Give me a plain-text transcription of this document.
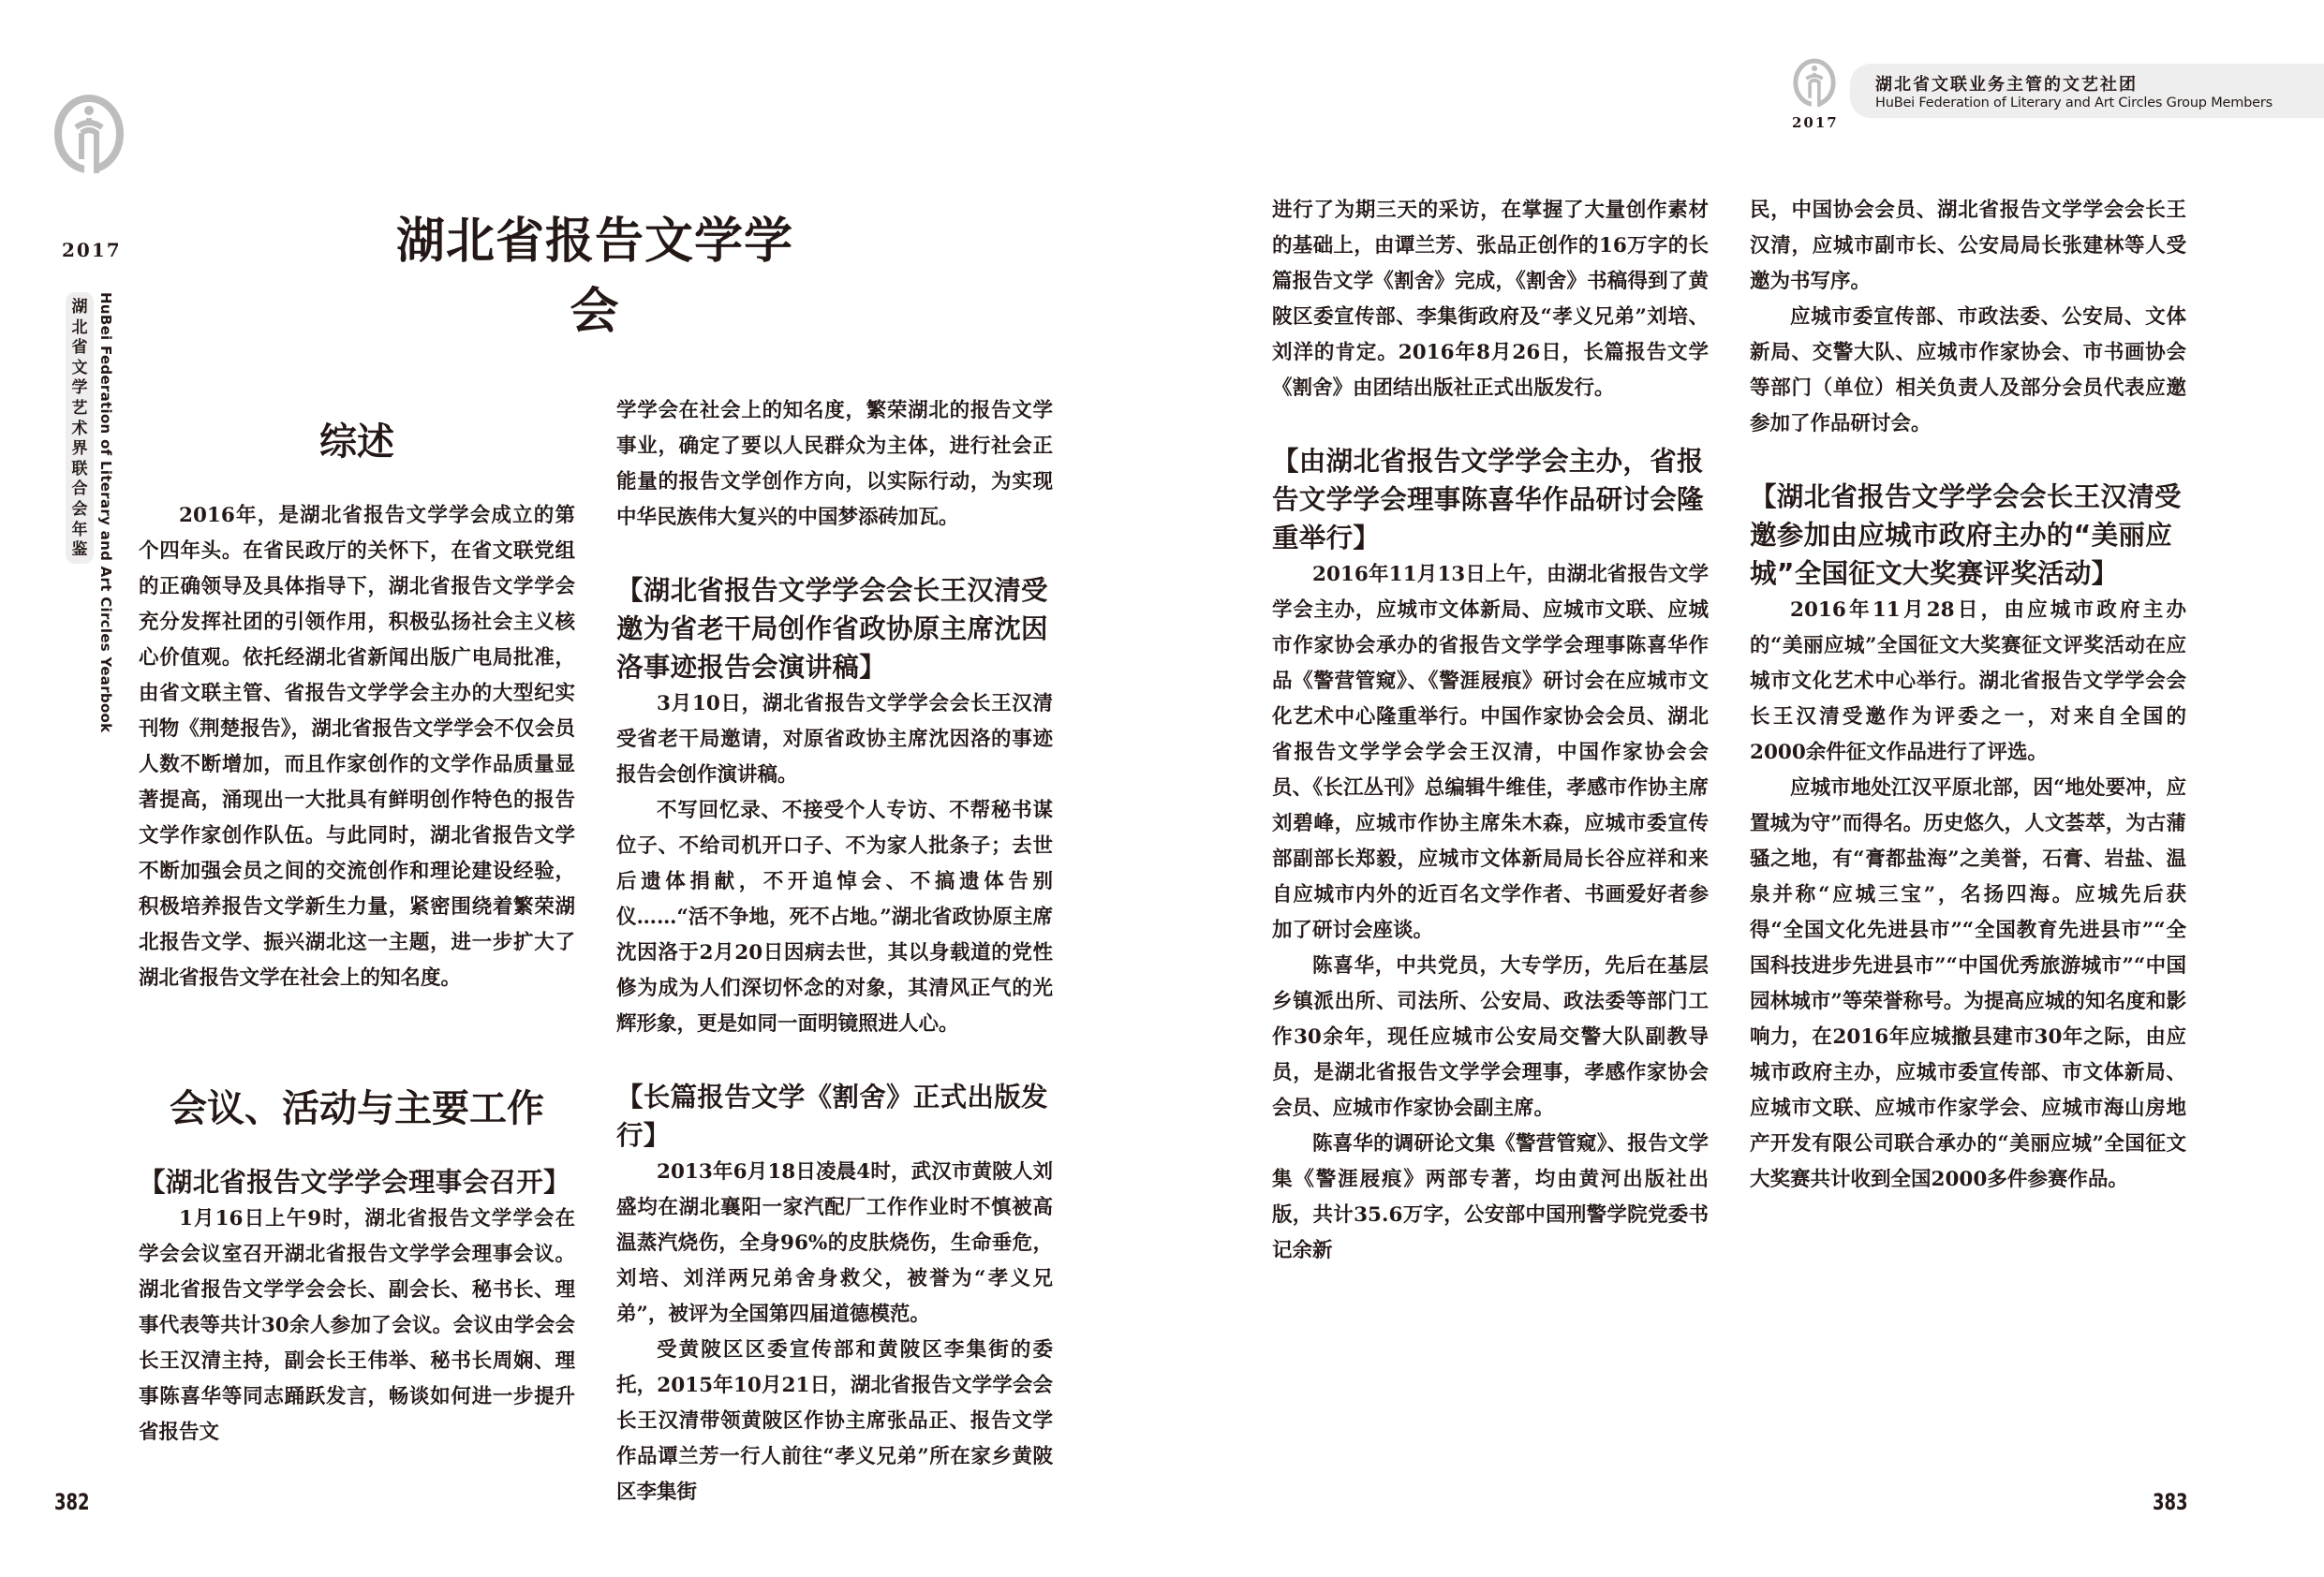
2017
湖
北
省
文
学
艺
术
界
联
合
会
年
鉴 HuBei Federation of Literary and Art Circles Yearbook
湖北省报告文学学会
综述

2016年，是湖北省报告文学学会成立的第个四年头。在省民政厅的关怀下，在省文联党组的正确领导及具体指导下，湖北省报告文学学会充分发挥社团的引领作用，积极弘扬社会主义核心价值观。依托经湖北省新闻出版广电局批准，由省文联主管、省报告文学学会主办的大型纪实刊物《荆楚报告》，湖北省报告文学学会不仅会员人数不断增加，而且作家创作的文学作品质量显著提高，涌现出一大批具有鲜明创作特色的报告文学作家创作队伍。与此同时，湖北省报告文学不断加强会员之间的交流创作和理论建设经验，积极培养报告文学新生力量，紧密围绕着繁荣湖北报告文学、振兴湖北这一主题，进一步扩大了湖北省报告文学在社会上的知名度。

会议、活动与主要工作
【湖北省报告文学学会理事会召开】

1月16日上午9时，湖北省报告文学学会在学会会议室召开湖北省报告文学学会理事会议。湖北省报告文学学会会长、副会长、秘书长、理事代表等共计30余人参加了会议。会议由学会会长王汉清主持，副会长王伟举、秘书长周娴、理事陈喜华等同志踊跃发言，畅谈如何进一步提升省报告文

学学会在社会上的知名度，繁荣湖北的报告文学事业，确定了要以人民群众为主体，进行社会正能量的报告文学创作方向，以实际行动，为实现中华民族伟大复兴的中国梦添砖加瓦。

【湖北省报告文学学会会长王汉清受邀为省老干局创作省政协原主席沈因洛事迹报告会演讲稿】

3月10日，湖北省报告文学学会会长王汉清受省老干局邀请，对原省政协主席沈因洛的事迹报告会创作演讲稿。

不写回忆录、不接受个人专访、不帮秘书谋位子、不给司机开口子、不为家人批条子；去世后遗体捐献，不开追悼会、不搞遗体告别仪……“活不争地，死不占地。”湖北省政协原主席沈因洛于2月20日因病去世，其以身载道的党性修为成为人们深切怀念的对象，其清风正气的光辉形象，更是如同一面明镜照进人心。

【长篇报告文学《割舍》正式出版发行】

2013年6月18日凌晨4时，武汉市黄陂人刘盛均在湖北襄阳一家汽配厂工作作业时不慎被高温蒸汽烧伤，全身96%的皮肤烧伤，生命垂危，刘培、刘洋两兄弟舍身救父，被誉为“孝义兄弟”，被评为全国第四届道德模范。

受黄陂区区委宣传部和黄陂区李集街的委托，2015年10月21日，湖北省报告文学学会会长王汉清带领黄陂区作协主席张品正、报告文学作品谭兰芳一行人前往“孝义兄弟”所在家乡黄陂区李集街

382
2017
湖北省文联业务主管的文艺社团
HuBei Federation of Literary and Art Circles Group Members

进行了为期三天的采访，在掌握了大量创作素材的基础上，由谭兰芳、张品正创作的16万字的长篇报告文学《割舍》完成，《割舍》书稿得到了黄陂区委宣传部、李集街政府及“孝义兄弟”刘培、刘洋的肯定。2016年8月26日，长篇报告文学《割舍》由团结出版社正式出版发行。

【由湖北省报告文学学会主办，省报告文学学会理事陈喜华作品研讨会隆重举行】

2016年11月13日上午，由湖北省报告文学学会主办，应城市文体新局、应城市文联、应城市作家协会承办的省报告文学学会理事陈喜华作品《警营管窥》、《警涯屐痕》研讨会在应城市文化艺术中心隆重举行。中国作家协会会员、湖北省报告文学学会学会王汉清，中国作家协会会员、《长江丛刊》总编辑牛维佳，孝感市作协主席刘碧峰，应城市作协主席朱木森，应城市委宣传部副部长郑毅，应城市文体新局局长谷应祥和来自应城市内外的近百名文学作者、书画爱好者参加了研讨会座谈。

陈喜华，中共党员，大专学历，先后在基层乡镇派出所、司法所、公安局、政法委等部门工作30余年，现任应城市公安局交警大队副教导员，是湖北省报告文学学会理事，孝感作家协会会员、应城市作家协会副主席。

陈喜华的调研论文集《警营管窥》、报告文学集《警涯屐痕》两部专著，均由黄河出版社出版，共计35.6万字，公安部中国刑警学院党委书记余新

民，中国协会会员、湖北省报告文学学会会长王汉清，应城市副市长、公安局局长张建林等人受邀为书写序。

应城市委宣传部、市政法委、公安局、文体新局、交警大队、应城市作家协会、市书画协会等部门（单位）相关负责人及部分会员代表应邀参加了作品研讨会。

【湖北省报告文学学会会长王汉清受邀参加由应城市政府主办的“美丽应城”全国征文大奖赛评奖活动】

2016年11月28日，由应城市政府主办的“美丽应城”全国征文大奖赛征文评奖活动在应城市文化艺术中心举行。湖北省报告文学学会会长王汉清受邀作为评委之一，对来自全国的2000余件征文作品进行了评选。

应城市地处江汉平原北部，因“地处要冲，应置城为守”而得名。历史悠久，人文荟萃，为古蒲骚之地，有“膏都盐海”之美誉，石膏、岩盐、温泉并称“应城三宝”，名扬四海。应城先后获得“全国文化先进县市”“全国教育先进县市”“全国科技进步先进县市”“中国优秀旅游城市”“中国园林城市”等荣誉称号。为提高应城的知名度和影响力，在2016年应城撤县建市30年之际，由应城市政府主办，应城市委宣传部、市文体新局、应城市文联、应城市作家学会、应城市海山房地产开发有限公司联合承办的“美丽应城”全国征文大奖赛共计收到全国2000多件参赛作品。

383
